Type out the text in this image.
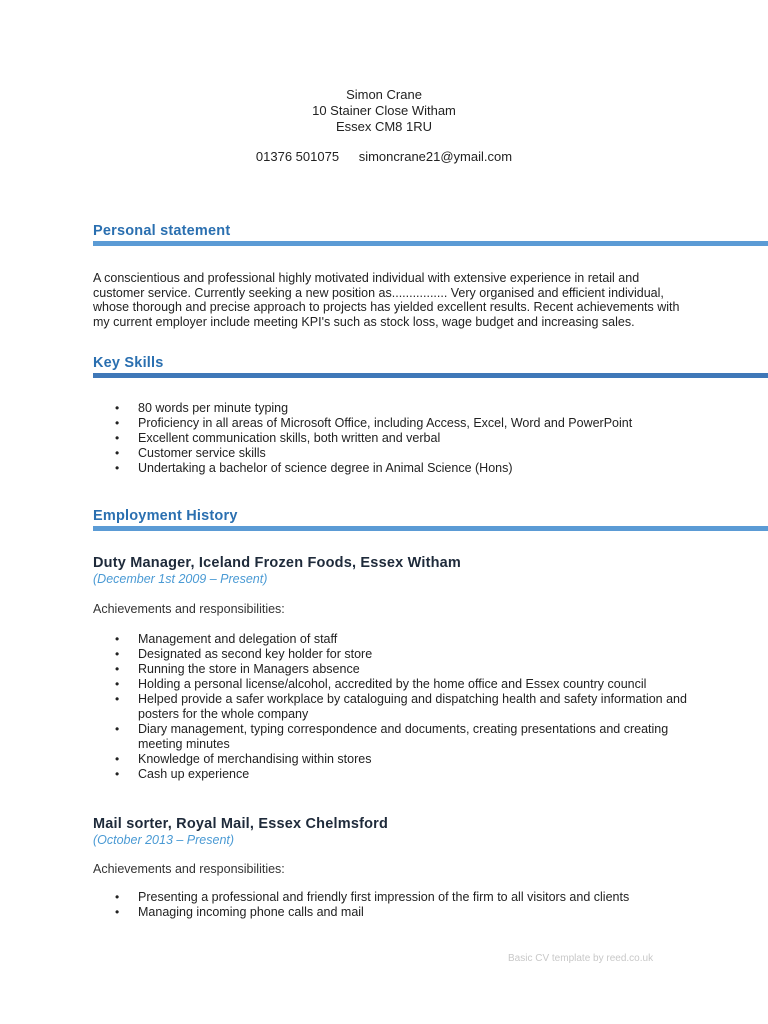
Simon Crane
10 Stainer Close Witham
Essex CM8 1RU
01376 501075 simoncrane21@ymail.com
Personal statement
A conscientious and professional highly motivated individual with extensive experience in retail and customer service. Currently seeking a new position as................ Very organised and efficient individual, whose thorough and precise approach to projects has yielded excellent results. Recent achievements with my current employer include meeting KPI's such as stock loss, wage budget and increasing sales.
Key Skills
• 80 words per minute typing
• Proficiency in all areas of Microsoft Office, including Access, Excel, Word and PowerPoint
• Excellent communication skills, both written and verbal
• Customer service skills
• Undertaking a bachelor of science degree in Animal Science (Hons)
Employment History
Duty Manager, Iceland Frozen Foods, Essex Witham
(December 1st 2009 – Present)
Achievements and responsibilities:
• Management and delegation of staff
• Designated as second key holder for store
• Running the store in Managers absence
• Holding a personal license/alcohol, accredited by the home office and Essex country council
• Helped provide a safer workplace by cataloguing and dispatching health and safety information and posters for the whole company
• Diary management, typing correspondence and documents, creating presentations and creating meeting minutes
• Knowledge of merchandising within stores
• Cash up experience
Mail sorter, Royal Mail, Essex Chelmsford
(October 2013 – Present)
Achievements and responsibilities:
• Presenting a professional and friendly first impression of the firm to all visitors and clients
• Managing incoming phone calls and mail
Basic CV template by reed.co.uk
